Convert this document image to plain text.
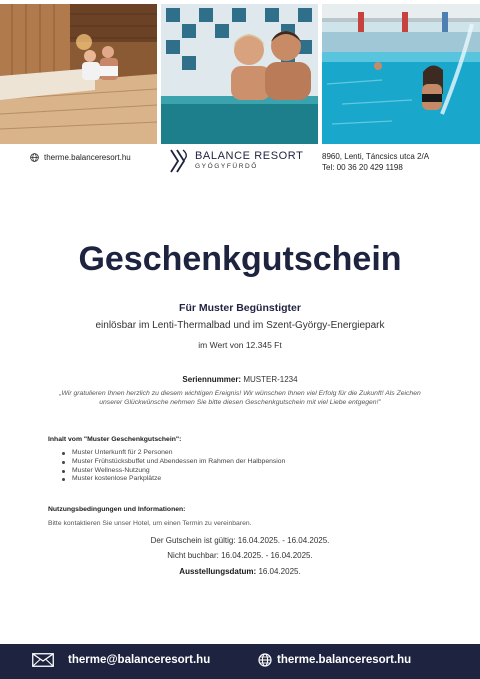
therme.balanceresort.hu	BALANCE RESORT
GYÓGYFÜRDŐ
8960, Lenti, Táncsics utca 2/A
Tel: 00 36 20 429 1198
Geschenkgutschein
Für Muster Begünstigter
einlösbar im Lenti-Thermalbad und im Szent-György-Energiepark
im Wert von 12.345 Ft
Seriennummer: MUSTER-1234
„Wir gratulieren Ihnen herzlich zu diesem wichtigen Ereignis! Wir wünschen Ihnen viel Erfolg für die Zukunft! Als Zeichen unserer Glückwünsche nehmen Sie bitte diesen Geschenkgutschein mit viel Liebe entgegen!”
Inhalt vom "Muster Geschenkgutschein":
Muster Unterkunft für 2 Personen
Muster Frühstücksbuffet und Abendessen im Rahmen der Halbpension
Muster Wellness-Nutzung
Muster kostenlose Parkplätze
Nutzungsbedingungen und Informationen:
Bitte kontaktieren Sie unser Hotel, um einen Termin zu vereinbaren.
Der Gutschein ist gültig: 16.04.2025. - 16.04.2025.
Nicht buchbar: 16.04.2025. - 16.04.2025.
Ausstellungsdatum: 16.04.2025.
therme@balanceresort.hu	therme.balanceresort.hu
